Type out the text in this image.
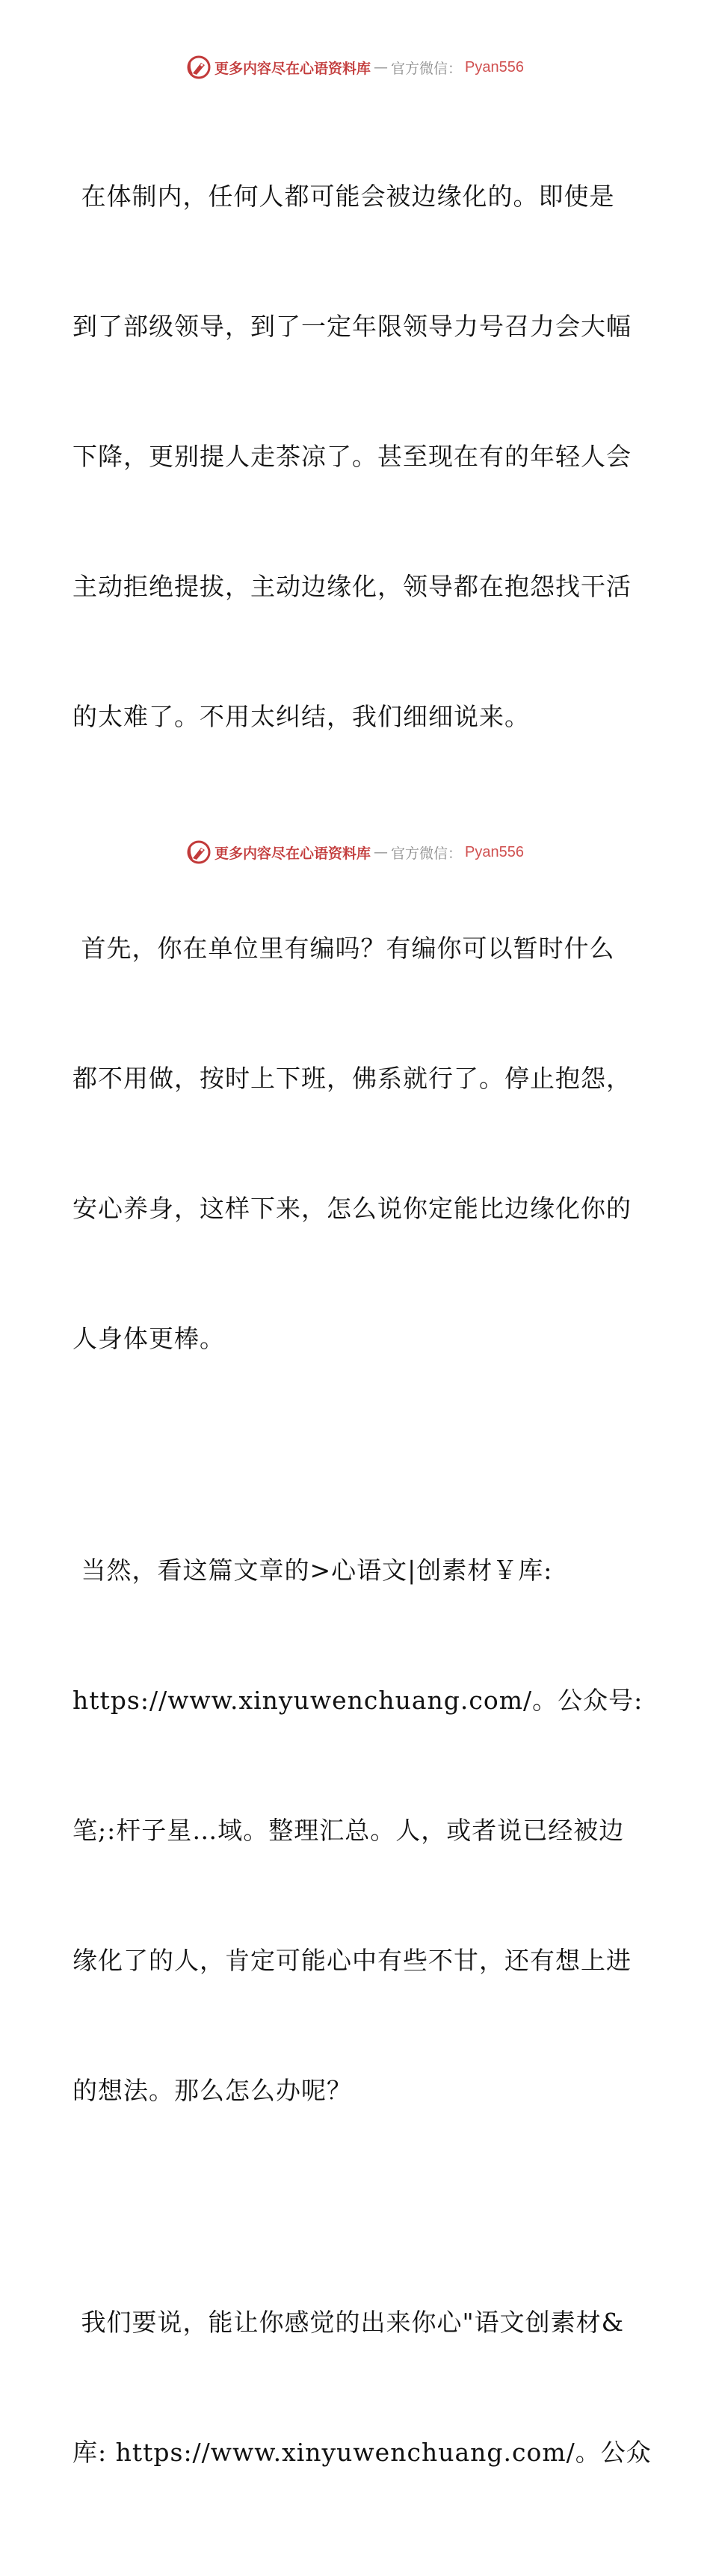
更多内容尽在心语资料库 — 官方微信： Pyan556

在体制内，任何人都可能会被边缘化的。即使是

到了部级领导，到了一定年限领导力号召力会大幅

下降，更别提人走茶凉了。甚至现在有的年轻人会

主动拒绝提拔，主动边缘化，领导都在抱怨找干活

的太难了。不用太纠结，我们细细说来。

首先，你在单位里有编吗？有编你可以暂时什么

都不用做，按时上下班，佛系就行了。停止抱怨，

安心养身，这样下来，怎么说你定能比边缘化你的

人身体更棒。

当然，看这篇文章的>心语文|创素材￥库:

https://www.xinyuwenchuang.com/。公众号:

笔;:杆子星…域。整理汇总。人，或者说已经被边

缘化了的人，肯定可能心中有些不甘，还有想上进

的想法。那么怎么办呢？

我们要说，能让你感觉的出来你心"语文创素材&

库: https://www.xinyuwenchuang.com/。公众

更多内容尽在心语资料库 — 官方微信： Pyan556
